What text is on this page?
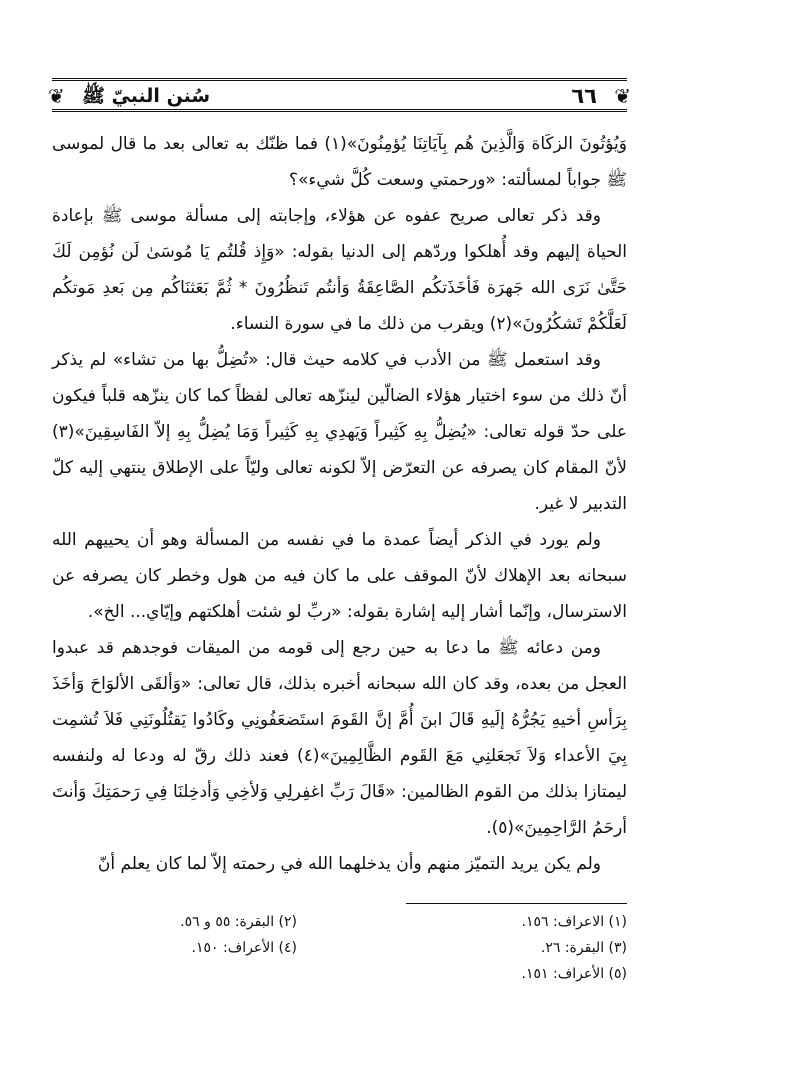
❦ سُنن النبيّ ﷺ	٦٦ ❦

وَيُؤتُونَ الزكَاة وَالَّذِينَ هُم بِآيَاتِنَا يُؤمِنُونَ»(١) فما ظنّك به تعالى بعد ما قال لموسى ﷺ جواباً لمسألته: «ورحمتي وسعت كُلَّ شيء»؟

وقد ذكر تعالى صريح عفوه عن هؤلاء، وإجابته إلى مسألة موسى ﷺ بإعادة الحياة إليهم وقد أُهلكوا وردّهم إلى الدنيا بقوله: «وَإِذ قُلتُم يَا مُوسَىٰ لَن نُؤمِن لَكَ حَتَّىٰ نَرَى الله جَهرَة فَأخَذَتكُم الصَّاعِقَةُ وَأنتُم تَنظُرُونَ * ثُمَّ بَعَثنَاكُم مِن بَعدِ مَوتكُم لَعَلَّكُمْ تَشكُرُونَ»(٢) ويقرب من ذلك ما في سورة النساء.

وقد استعمل ﷺ من الأدب في كلامه حيث قال: «تُضِلُّ بها من تشاء» لم يذكر أنّ ذلك من سوء اختيار هؤلاء الضالّين لينزّهه تعالى لفظاً كما كان ينزّهه قلباً فيكون على حدّ قوله تعالى: «يُضِلُّ بِهِ كَثِيراً وَيَهدِي بِهِ كَثِيراً وَمَا يُضِلُّ بِهِ إلاّ الفَاسِقِينَ»(٣) لأنّ المقام كان يصرفه عن التعرّض إلاّ لكونه تعالى وليّاً على الإطلاق ينتهي إليه كلّ التدبير لا غير.

ولم يورد في الذكر أيضاً عمدة ما في نفسه من المسألة وهو أن يحييهم الله سبحانه بعد الإهلاك لأنّ الموقف على ما كان فيه من هول وخطر كان يصرفه عن الاسترسال، وإنّما أشار إليه إشارة بقوله: «ربِّ لو شئت أهلكتهم وإيّاي... الخ».

ومن دعائه ﷺ ما دعا به حين رجع إلى قومه من الميقات فوجدهم قد عبدوا العجل من بعده، وقد كان الله سبحانه أخبره بذلك، قال تعالى: «وَألقَى الألوَاحَ وَأخَذَ بِرَأسِ أخيهِ يَجُرُّهُ إلَيهِ قَالَ ابنَ أُمَّ إنَّ القَومَ استَضعَفُونِي وكَادُوا يَقتُلُونَنِي فَلاَ تُشمِت بِيَ الأعداء وَلاَ تَجعَلنِي مَعَ القَوم الظَّالِمِينَ»(٤) فعند ذلك رقّ له ودعا له ولنفسه ليمتازا بذلك من القوم الظالمين: «قَالَ رَبِّ اغفِرلِي وَلأخِي وَأدخِلنَا فِي رَحمَتِكَ وَأنتَ أرحَمُ الرَّاحِمِينَ»(٥).

ولم يكن يريد التميّز منهم وأن يدخلهما الله في رحمته إلاّ لما كان يعلم أنّ

(١) الاعراف: ١٥٦.
(٢) البقرة: ٥٥ و ٥٦.
(٣) البقرة: ٢٦.
(٤) الأعراف: ١٥٠.
(٥) الأعراف: ١٥١.
